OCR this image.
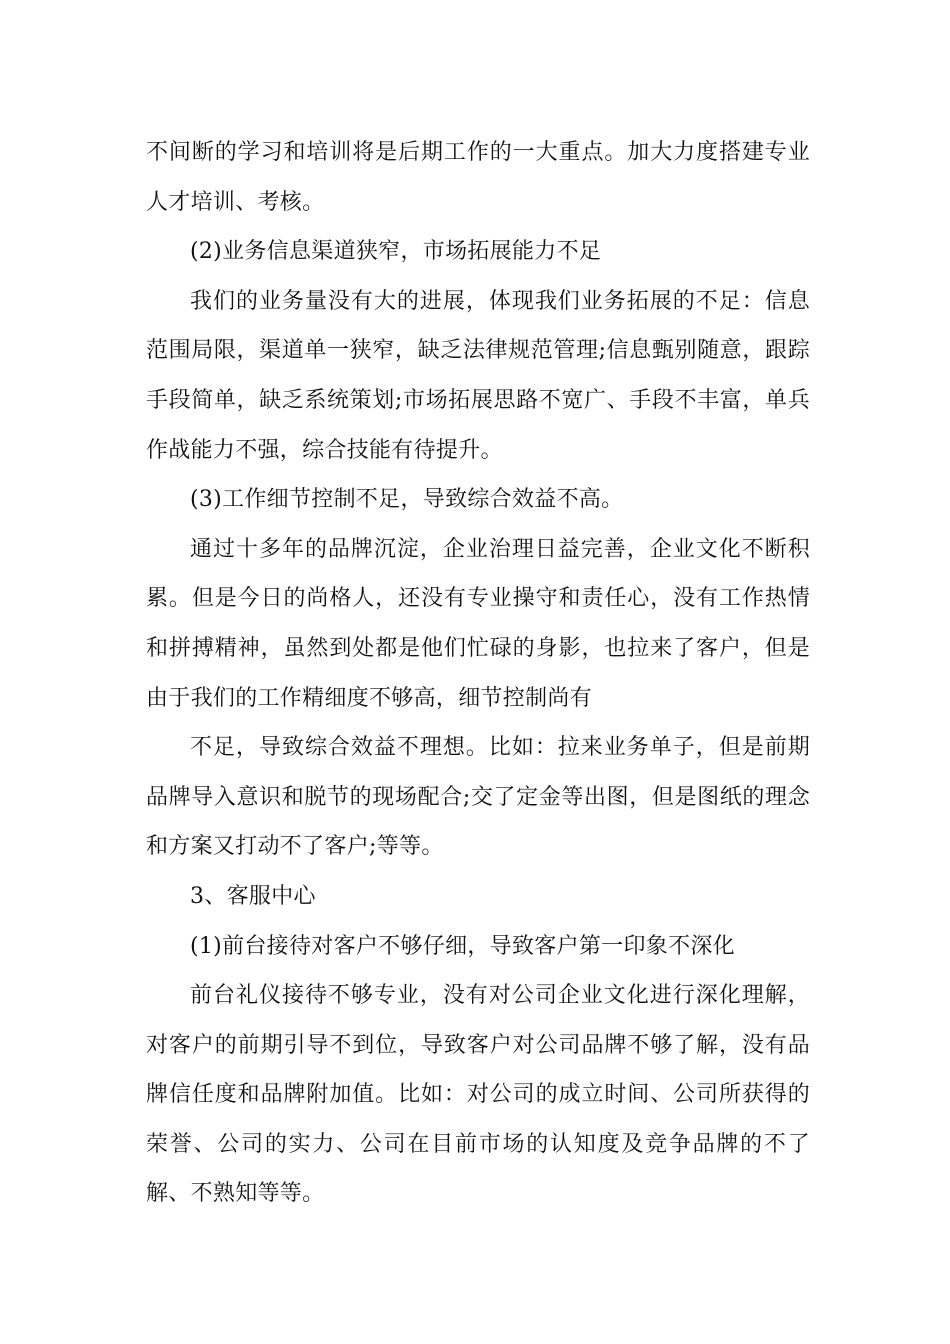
不间断的学习和培训将是后期工作的一大重点。加大力度搭建专业人才培训、考核。

(2)业务信息渠道狭窄，市场拓展能力不足

我们的业务量没有大的进展，体现我们业务拓展的不足：信息范围局限，渠道单一狭窄，缺乏法律规范管理;信息甄别随意，跟踪手段简单，缺乏系统策划;市场拓展思路不宽广、手段不丰富，单兵作战能力不强，综合技能有待提升。

(3)工作细节控制不足，导致综合效益不高。

通过十多年的品牌沉淀，企业治理日益完善，企业文化不断积累。但是今日的尚格人，还没有专业操守和责任心，没有工作热情和拼搏精神，虽然到处都是他们忙碌的身影，也拉来了客户，但是由于我们的工作精细度不够高，细节控制尚有

不足，导致综合效益不理想。比如：拉来业务单子，但是前期品牌导入意识和脱节的现场配合;交了定金等出图，但是图纸的理念和方案又打动不了客户;等等。

3、客服中心

(1)前台接待对客户不够仔细，导致客户第一印象不深化

前台礼仪接待不够专业，没有对公司企业文化进行深化理解，对客户的前期引导不到位，导致客户对公司品牌不够了解，没有品牌信任度和品牌附加值。比如：对公司的成立时间、公司所获得的荣誉、公司的实力、公司在目前市场的认知度及竞争品牌的不了解、不熟知等等。
